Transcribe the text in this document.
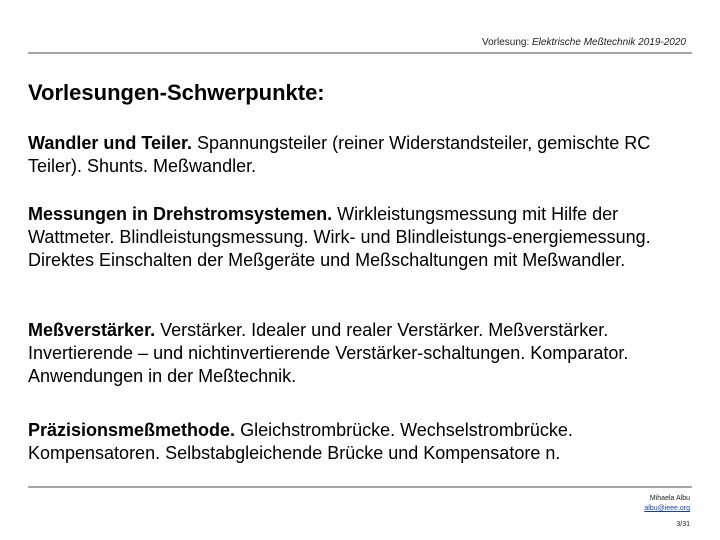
Vorlesung: Elektrische Meßtechnik 2019-2020
Vorlesungen-Schwerpunkte:

Wandler und Teiler. Spannungsteiler (reiner Widerstandsteiler, gemischte RC Teiler). Shunts. Meßwandler.

Messungen in Drehstromsystemen. Wirkleistungsmessung mit Hilfe der Wattmeter. Blindleistungsmessung. Wirk- und Blindleistungs-energiemessung. Direktes Einschalten der Meßgeräte und Meßschaltungen mit Meßwandler.

Meßverstärker. Verstärker. Idealer und realer Verstärker. Meßverstärker. Invertierende – und nichtinvertierende Verstärker-schaltungen. Komparator. Anwendungen in der Meßtechnik.

Präzisionsmeßmethode. Gleichstrombrücke. Wechselstrombrücke. Kompensatoren. Selbstabgleichende Brücke und Kompensatore n.

Mihaela Albu
albu@ieee.org
3/31
